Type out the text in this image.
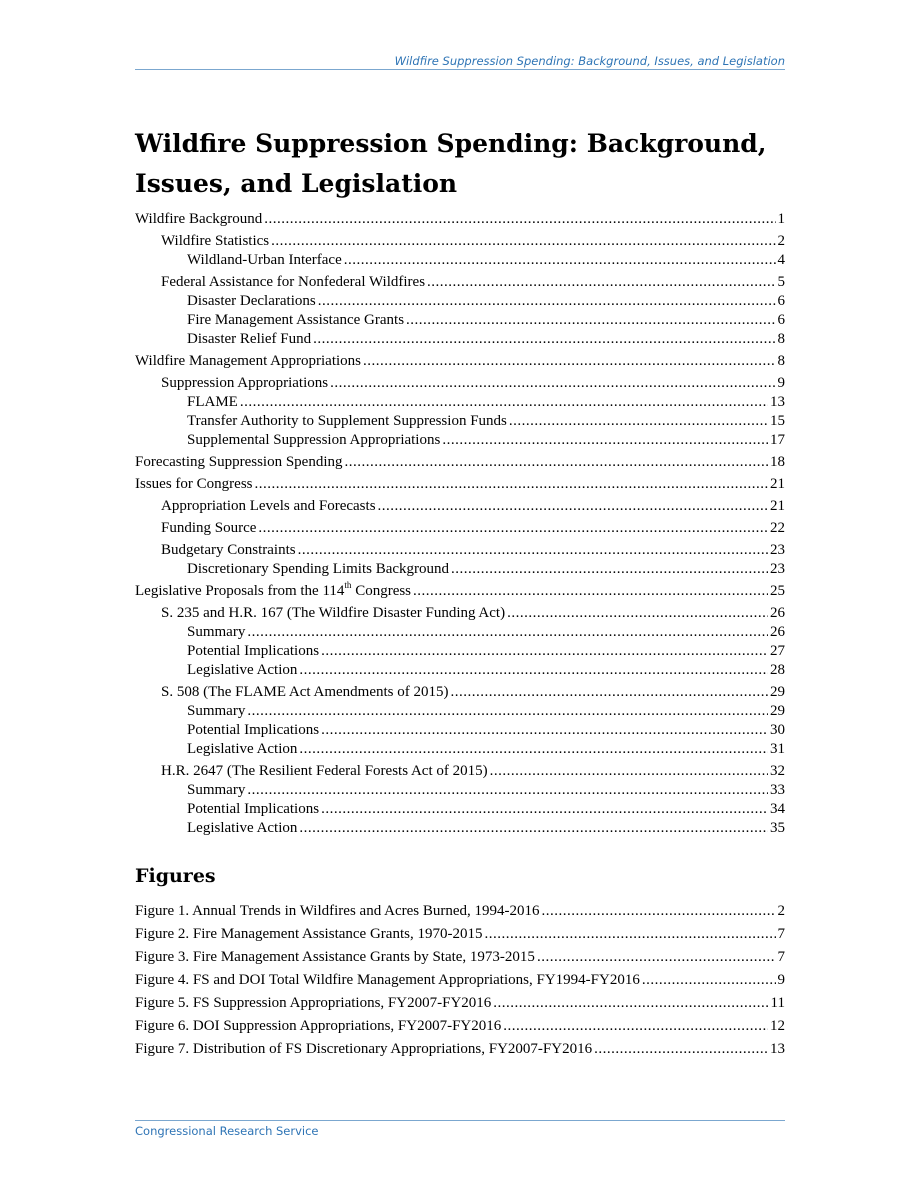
Wildfire Suppression Spending: Background, Issues, and Legislation
Wildfire Suppression Spending: Background, Issues, and Legislation
Wildfire Background .....	1
Wildfire Statistics .....	2
Wildland-Urban Interface .....	4
Federal Assistance for Nonfederal Wildfires .....	5
Disaster Declarations .....	6
Fire Management Assistance Grants .....	6
Disaster Relief Fund .....	8
Wildfire Management Appropriations .....	8
Suppression Appropriations .....	9
FLAME .....	13
Transfer Authority to Supplement Suppression Funds .....	15
Supplemental Suppression Appropriations .....	17
Forecasting Suppression Spending .....	18
Issues for Congress .....	21
Appropriation Levels and Forecasts .....	21
Funding Source .....	22
Budgetary Constraints .....	23
Discretionary Spending Limits Background .....	23
Legislative Proposals from the 114th Congress .....	25
S. 235 and H.R. 167 (The Wildfire Disaster Funding Act) .....	26
Summary .....	26
Potential Implications .....	27
Legislative Action .....	28
S. 508 (The FLAME Act Amendments of 2015) .....	29
Summary .....	29
Potential Implications .....	30
Legislative Action .....	31
H.R. 2647 (The Resilient Federal Forests Act of 2015) .....	32
Summary .....	33
Potential Implications .....	34
Legislative Action .....	35
Figures
Figure 1. Annual Trends in Wildfires and Acres Burned, 1994-2016 .....	2
Figure 2. Fire Management Assistance Grants, 1970-2015 .....	7
Figure 3. Fire Management Assistance Grants by State, 1973-2015 .....	7
Figure 4. FS and DOI Total Wildfire Management Appropriations, FY1994-FY2016 .....	9
Figure 5. FS Suppression Appropriations, FY2007-FY2016 .....	11
Figure 6. DOI Suppression Appropriations, FY2007-FY2016 .....	12
Figure 7. Distribution of FS Discretionary Appropriations, FY2007-FY2016 .....	13
Congressional Research Service
